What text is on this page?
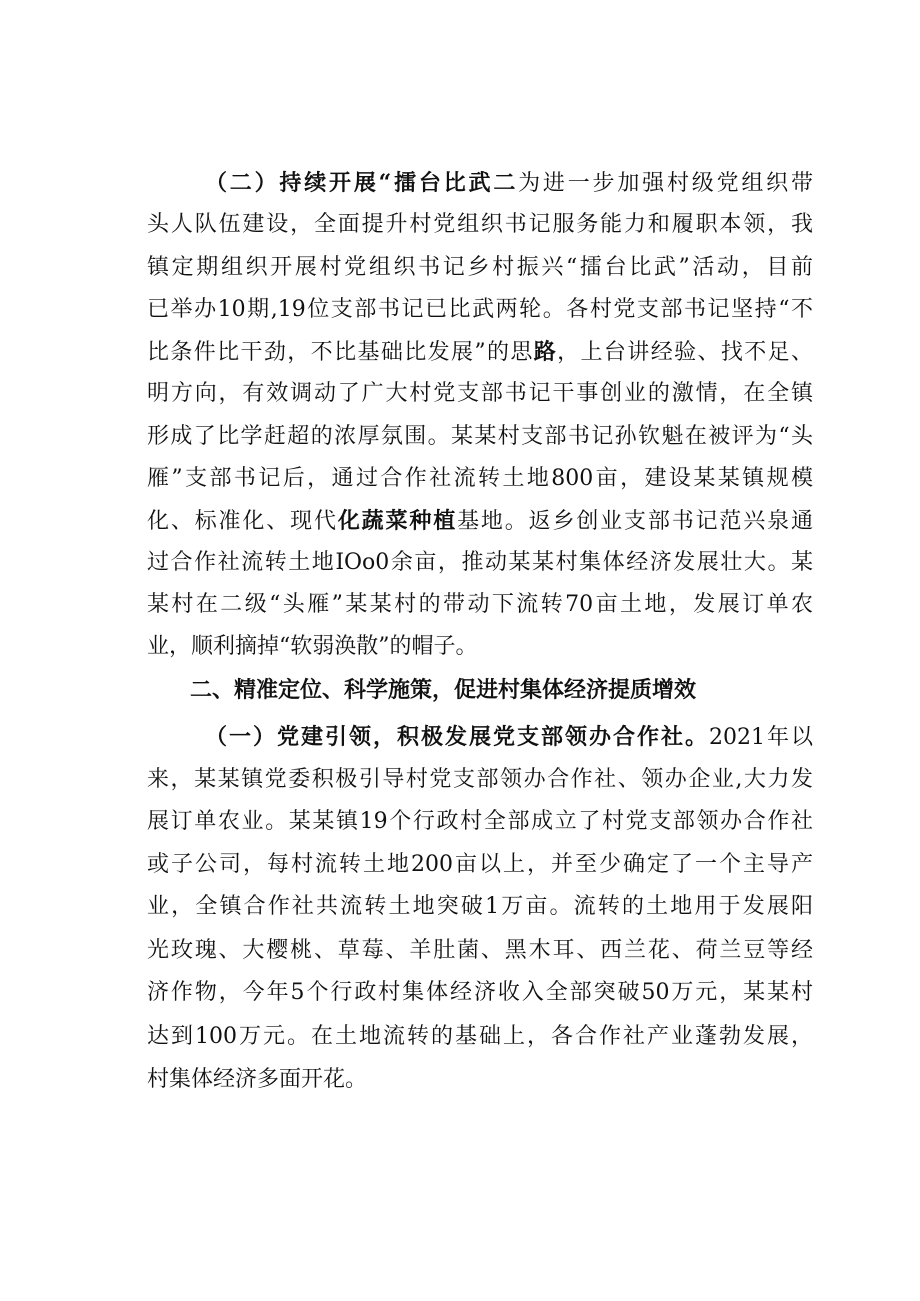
（二）持续开展“擂台比武二为进一步加强村级党组织带
头人队伍建设，全面提升村党组织书记服务能力和履职本领，我
镇定期组织开展村党组织书记乡村振兴“擂台比武”活动，目前
已举办10期,19位支部书记已比武两轮。各村党支部书记坚持“不
比条件比干劲，不比基础比发展”的思路，上台讲经验、找不足、
明方向，有效调动了广大村党支部书记干事创业的激情，在全镇
形成了比学赶超的浓厚氛围。某某村支部书记孙钦魁在被评为“头
雁”支部书记后，通过合作社流转土地800亩，建设某某镇规模
化、标准化、现代化蔬菜种植基地。返乡创业支部书记范兴泉通
过合作社流转土地IOo0余亩，推动某某村集体经济发展壮大。某
某村在二级“头雁”某某村的带动下流转70亩土地，发展订单农
业，顺利摘掉“软弱涣散”的帽子。
二、精准定位、科学施策，促进村集体经济提质增效
（一）党建引领，积极发展党支部领办合作社。2021年以
来，某某镇党委积极引导村党支部领办合作社、领办企业,大力发
展订单农业。某某镇19个行政村全部成立了村党支部领办合作社
或子公司，每村流转土地200亩以上，并至少确定了一个主导产
业，全镇合作社共流转土地突破1万亩。流转的土地用于发展阳
光玫瑰、大樱桃、草莓、羊肚菌、黑木耳、西兰花、荷兰豆等经
济作物，今年5个行政村集体经济收入全部突破50万元，某某村
达到100万元。在土地流转的基础上，各合作社产业蓬勃发展，
村集体经济多面开花。
